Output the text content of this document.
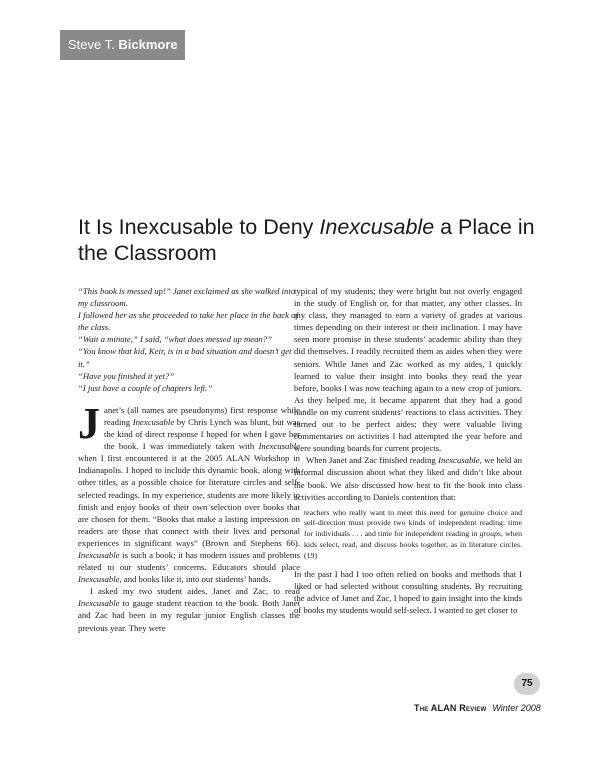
Steve T. Bickmore
It Is Inexcusable to Deny Inexcusable a Place in the Classroom

“This book is messed up!” Janet exclaimed as she walked into my classroom.

I followed her as she proceeded to take her place in the back of the class.

“Wait a minute,” I said, “what does messed up mean?”

“You know that kid, Keir, is in a bad situation and doesn’t get it.”

“Have you finished it yet?”

“I just have a couple of chapters left.”

Janet’s (all names are pseudonyms) first response while reading Inexcusable by Chris Lynch was blunt, but was the kind of direct response I hoped for when I gave her the book. I was immediately taken with Inexcusable when I first encountered it at the 2005 ALAN Workshop in Indianapolis. I hoped to include this dynamic book, along with other titles, as a possible choice for literature circles and self-selected readings. In my experience, students are more likely to finish and enjoy books of their own selection over books that are chosen for them. “Books that make a lasting impression on readers are those that connect with their lives and personal experiences in significant ways” (Brown and Stephens 66). Inexcusable is such a book; it has modern issues and problems related to our students’ concerns. Educators should place Inexcusable, and books like it, into our students’ hands.

I asked my two student aides, Janet and Zac, to read Inexcusable to gauge student reaction to the book. Both Janet and Zac had been in my regular junior English classes the previous year. They were

typical of my students; they were bright but not overly engaged in the study of English or, for that matter, any other classes. In my class, they managed to earn a variety of grades at various times depending on their interest or their inclination. I may have seen more promise in these students’ academic ability than they did themselves. I readily recruited them as aides when they were seniors. While Janet and Zac worked as my aides, I quickly learned to value their insight into books they read the year before, books I was now teaching again to a new crop of juniors. As they helped me, it became apparent that they had a good handle on my current students’ reactions to class activities. They turned out to be perfect aides; they were valuable living commentaries on activities I had attempted the year before and were sounding boards for current projects.

When Janet and Zac finished reading Inexcusable, we held an informal discussion about what they liked and didn’t like about the book. We also discussed how best to fit the book into class activities according to Daniels contention that:

teachers who really want to meet this need for genuine choice and self-direction must provide two kinds of independent reading: time for individuals . . . and time for independent reading in groups, when kids select, read, and discuss books together, as in literature circles. (19)

In the past I had I too often relied on books and methods that I liked or had selected without consulting students. By recruiting the advice of Janet and Zac, I hoped to gain insight into the kinds of books my students would self-select. I wanted to get closer to

75
The ALAN Review Winter 2008
